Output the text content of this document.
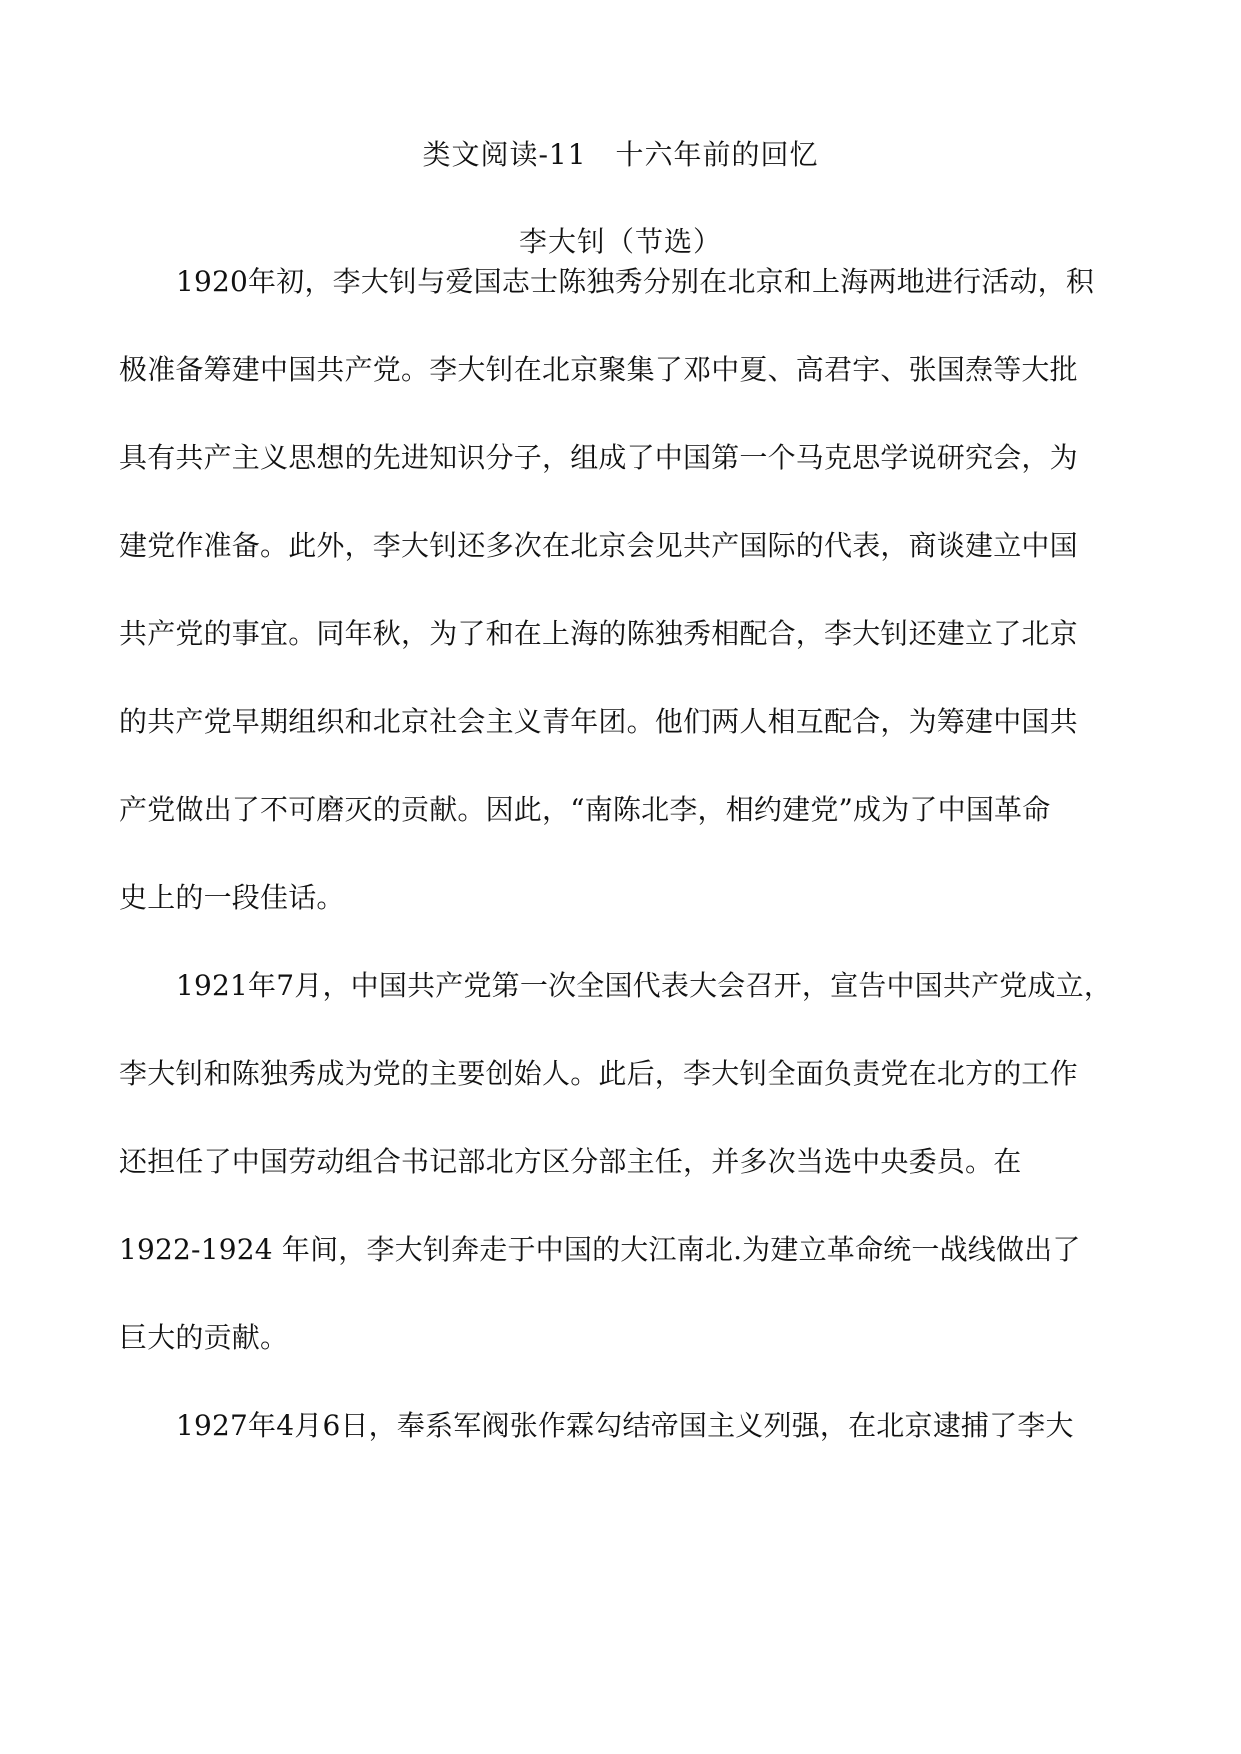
类文阅读-11　十六年前的回忆
李大钊（节选）
1920年初，李大钊与爱国志士陈独秀分别在北京和上海两地进行活动，积
极准备筹建中国共产党。李大钊在北京聚集了邓中夏、高君宇、张国焘等大批
具有共产主义思想的先进知识分子，组成了中国第一个马克思学说研究会，为
建党作准备。此外，李大钊还多次在北京会见共产国际的代表，商谈建立中国
共产党的事宜。同年秋，为了和在上海的陈独秀相配合，李大钊还建立了北京
的共产党早期组织和北京社会主义青年团。他们两人相互配合，为筹建中国共
产党做出了不可磨灭的贡献。因此，“南陈北李，相约建党”成为了中国革命
史上的一段佳话。
1921年7月，中国共产党第一次全国代表大会召开，宣告中国共产党成立，
李大钊和陈独秀成为党的主要创始人。此后，李大钊全面负责党在北方的工作
还担任了中国劳动组合书记部北方区分部主任，并多次当选中央委员。在
1922-1924 年间，李大钊奔走于中国的大江南北.为建立革命统一战线做出了
巨大的贡献。
1927年4月6日，奉系军阀张作霖勾结帝国主义列强，在北京逮捕了李大
